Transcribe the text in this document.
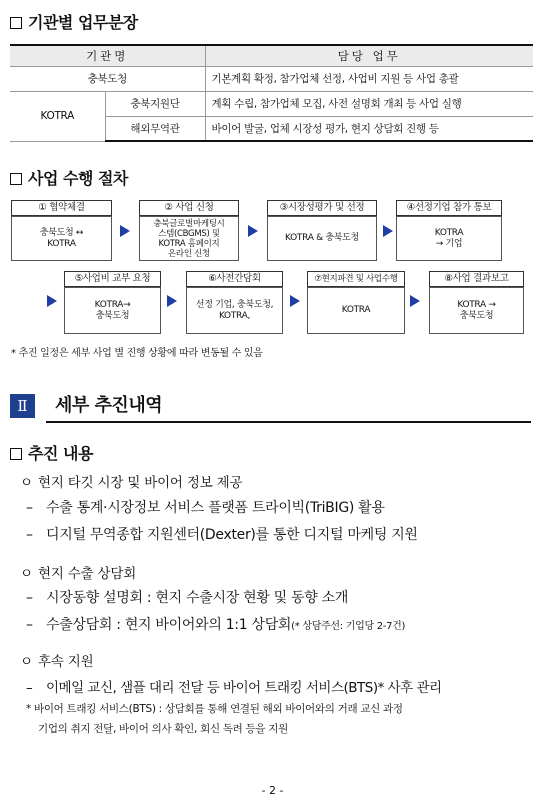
기관별 업무분장
기관명		담당 업무
충북도청		기본계획 확정, 참가업체 선정, 사업비 지원 등 사업 총괄
KOTRA	충북지원단	계획 수립, 참가업체 모집, 사전 설명회 개최 등 사업 실행
	해외무역관	바이어 발굴, 업체 시장성 평가, 현지 상담회 진행 등
사업 수행 절차
① 협약체결
충북도청 ↔
KOTRA
② 사업 신청
충북글로벌마케팅시
스템(CBGMS) 및
KOTRA 홈페이지
온라인 신청
③시장성평가 및 선정
KOTRA & 충북도청
④선정기업 참가 통보
KOTRA
→ 기업
⑤사업비 교부 요청
KOTRA→
충북도청
⑥사전간담회
선정 기업, 충북도청,
KOTRA,
⑦현지파견 및 사업수행
KOTRA
⑧사업 결과보고
KOTRA →
충북도청
* 추진 일정은 세부 사업 별 진행 상황에 따라 변동될 수 있음
Ⅱ	세부 추진내역
추진 내용
ㅇ 현지 타깃 시장 및 바이어 정보 제공
– 수출 통계·시장정보 서비스 플랫폼 트라이빅(TriBIG) 활용
– 디지털 무역종합 지원센터(Dexter)를 통한 디지털 마케팅 지원
ㅇ 현지 수출 상담회
– 시장동향 설명회 : 현지 수출시장 현황 및 동향 소개
– 수출상담회 : 현지 바이어와의 1:1 상담회(* 상담주선: 기업당 2-7건)
ㅇ 후속 지원
– 이메일 교신, 샘플 대리 전달 등 바이어 트래킹 서비스(BTS)* 사후 관리
* 바이어 트래킹 서비스(BTS) : 상담회를 통해 연결된 해외 바이어와의 거래 교신 과정
기업의 취지 전달, 바이어 의사 확인, 회신 독려 등을 지원
- 2 -
